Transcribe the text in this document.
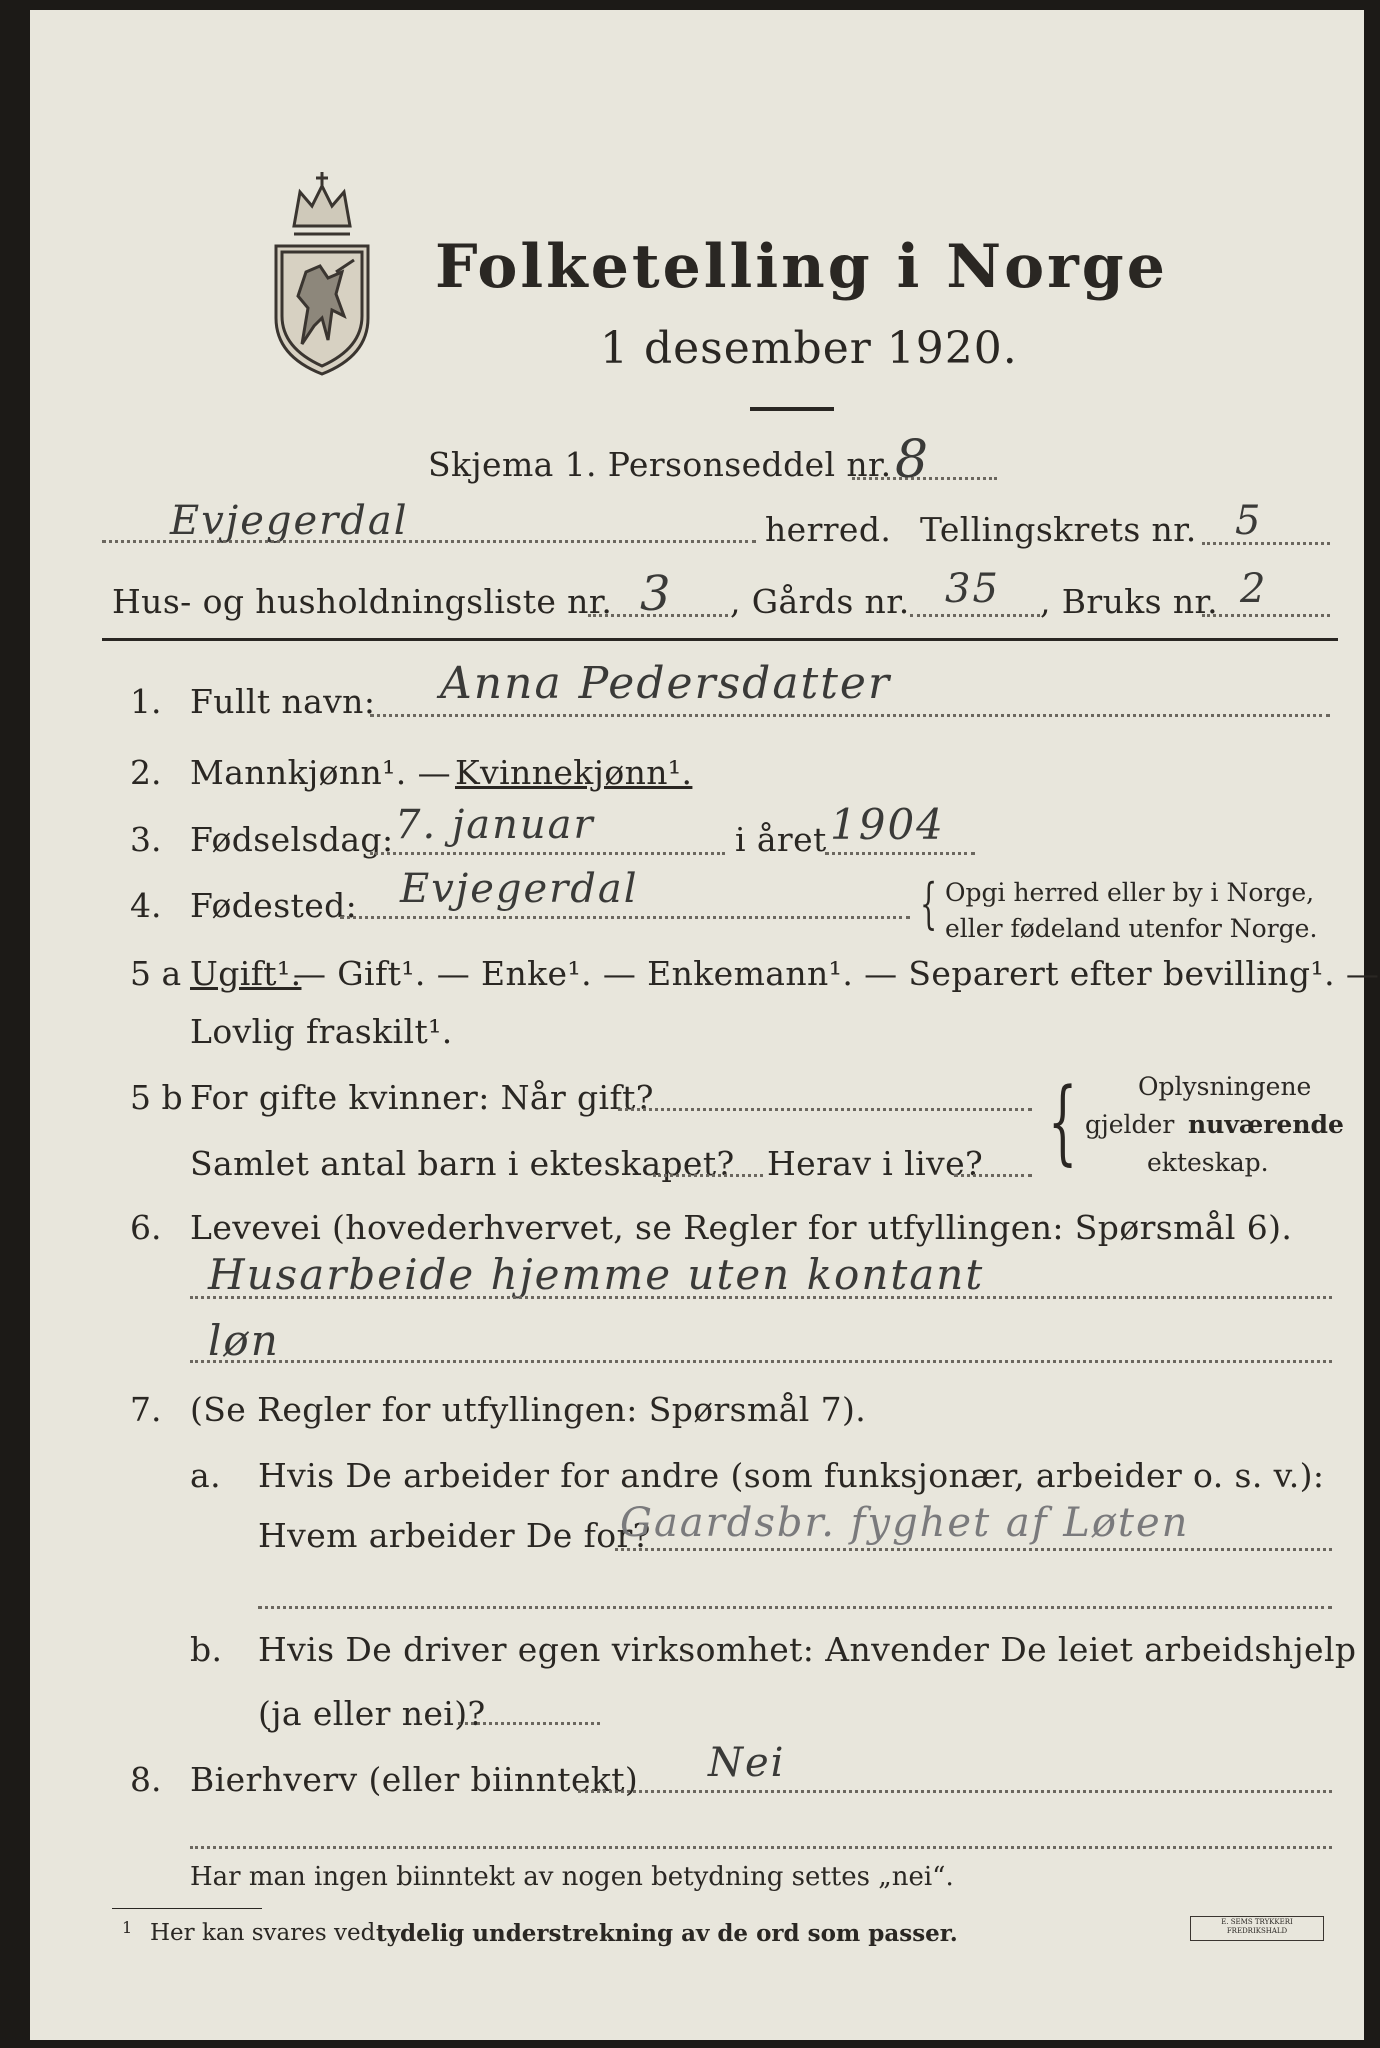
Folketelling i Norge
1 desember 1920.
Skjema 1. Personseddel nr. 8
Evjegerdal	herred. Tellingskrets nr. 5
Hus- og husholdningsliste nr. 3 , Gårds nr. 35 , Bruks nr. 2
1. Fullt navn: Anna Pedersdatter
2. Mannkjønn¹. — Kvinnekjønn¹.
3. Fødselsdag: 7. januar	i året 1904
4. Fødested: Evjegerdal	{ Opgi herred eller by i Norge,
eller fødeland utenfor Norge.
5 a Ugift¹.
— Gift¹. — Enke¹. — Enkemann¹. — Separert efter bevilling¹. —
Lovlig fraskilt¹.
5 b For gifte kvinner: Når gift?
Samlet antal barn i ekteskapet? Herav i live? { Oplysningene
gjelder nuværende
ekteskap.
6. Levevei (hovederhvervet, se Regler for utfyllingen: Spørsmål 6).
Husarbeide hjemme uten kontant
løn
7. (Se Regler for utfyllingen: Spørsmål 7).
a. Hvis De arbeider for andre (som funksjonær, arbeider o. s. v.):
Hvem arbeider De for?
Gaardsbr. fyghet af Løten
b. Hvis De driver egen virksomhet: Anvender De leiet arbeidshjelp
(ja eller nei)?
8. Bierhverv (eller biinntekt) Nei
Har man ingen biinntekt av nogen betydning settes „nei“.
1 Her kan svares ved tydelig understrekning av de ord som passer.	E. SEMS TRYKKERI FREDRIKSHALD
